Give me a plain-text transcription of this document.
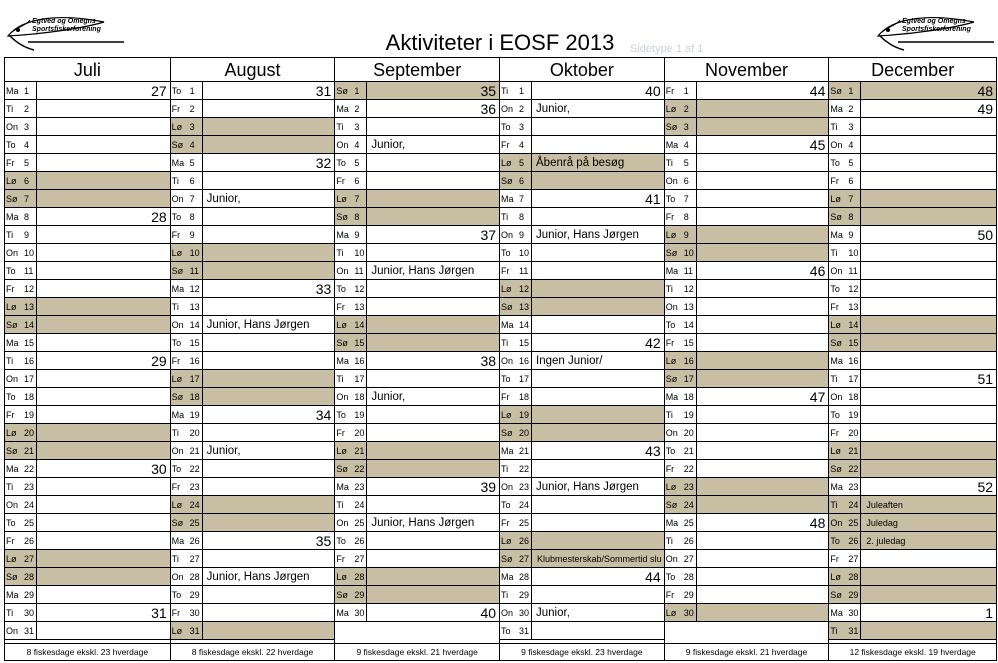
Egtved og Omegns
Sportsfiskerforening
Egtved og Omegns
Sportsfiskerforening
Aktiviteter i EOSF 2013	Sidetype 1 af 1
Juli
Ma 1	27
Ti 2
On 3
To 4
Fr 5
Lø 6
Sø 7
Ma 8	28
Ti 9
On 10
To 11
Fr 12
Lø 13
Sø 14
Ma 15
Ti 16	29
On 17
To 18
Fr 19
Lø 20
Sø 21
Ma 22	30
Ti 23
On 24
To 25
Fr 26
Lø 27
Sø 28
Ma 29
Ti 30	31
On 31
8 fiskesdage ekskl. 23 hverdage
August
To 1	31
Fr 2
Lø 3
Sø 4
Ma 5	32
Ti 6
On 7 Junior,
To 8
Fr 9
Lø 10
Sø 11
Ma 12	33
Ti 13
On 14 Junior, Hans Jørgen
To 15
Fr 16
Lø 17
Sø 18
Ma 19	34
Ti 20
On 21 Junior,
To 22
Fr 23
Lø 24
Sø 25
Ma 26	35
Ti 27
On 28 Junior, Hans Jørgen
To 29
Fr 30
Lø 31
8 fiskesdage ekskl. 22 hverdage
September
Sø 1	35
Ma 2	36
Ti 3
On 4 Junior,
To 5
Fr 6
Lø 7
Sø 8
Ma 9	37
Ti 10
On 11 Junior, Hans Jørgen
To 12
Fr 13
Lø 14
Sø 15
Ma 16	38
Ti 17
On 18 Junior,
To 19
Fr 20
Lø 21
Sø 22
Ma 23	39
Ti 24
On 25 Junior, Hans Jørgen
To 26
Fr 27
Lø 28
Sø 29
Ma 30	40
9 fiskesdage ekskl. 21 hverdage
Oktober
Ti 1	40
On 2 Junior,
To 3
Fr 4
Lø 5 Åbenrå på besøg
Sø 6
Ma 7	41
Ti 8
On 9 Junior, Hans Jørgen
To 10
Fr 11
Lø 12
Sø 13
Ma 14
Ti 15	42
On 16 Ingen Junior/
To 17
Fr 18
Lø 19
Sø 20
Ma 21	43
Ti 22
On 23 Junior, Hans Jørgen
To 24
Fr 25
Lø 26
Sø 27 Klubmesterskab/Sommertid slu
Ma 28	44
Ti 29
On 30 Junior,
To 31
9 fiskesdage ekskl. 23 hverdage
November
Fr 1	44
Lø 2
Sø 3
Ma 4	45
Ti 5
On 6
To 7
Fr 8
Lø 9
Sø 10
Ma 11	46
Ti 12
On 13
To 14
Fr 15
Lø 16
Sø 17
Ma 18	47
Ti 19
On 20
To 21
Fr 22
Lø 23
Sø 24
Ma 25	48
Ti 26
On 27
To 28
Fr 29
Lø 30
9 fiskesdage ekskl. 21 hverdage
December
Sø 1	48
Ma 2	49
Ti 3
On 4
To 5
Fr 6
Lø 7
Sø 8
Ma 9	50
Ti 10
On 11
To 12
Fr 13
Lø 14
Sø 15
Ma 16
Ti 17	51
On 18
To 19
Fr 20
Lø 21
Sø 22
Ma 23	52
Ti 24 Juleaften
On 25 Juledag
To 26 2. juledag
Fr 27
Lø 28
Sø 29
Ma 30	1
Ti 31
12 fiskesdage ekskl. 19 hverdage
